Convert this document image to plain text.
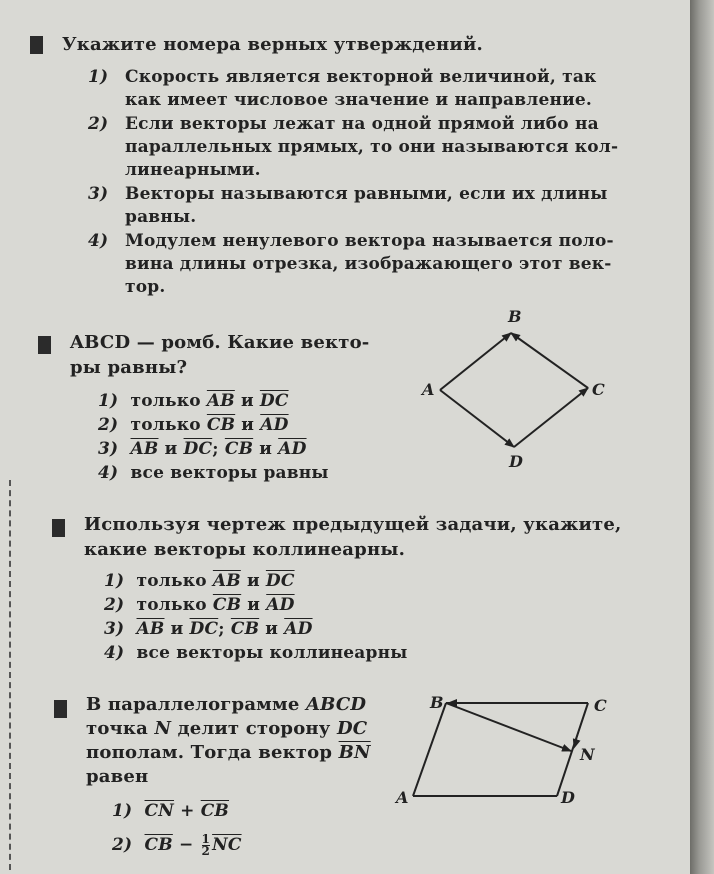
Укажите номера верных утверждений.
1) Скорость является векторной величиной, так
как имеет числовое значение и направление.
2) Если векторы лежат на одной прямой либо на
параллельных прямых, то они называются кол-
линеарными.
3) Векторы называются равными, если их длины
равны.
4) Модулем ненулевого вектора называется поло-
вина длины отрезка, изображающего этот век-
тор.
ABCD — ромб. Какие векто-
ры равны?
1) только $\overline{AB}$ и $\overline{DC}$
2) только $\overline{CB}$ и $\overline{AD}$
3) $\overline{AB}$ и $\overline{DC}$; $\overline{CB}$ и $\overline{AD}$
4) все векторы равны
Используя чертеж предыдущей задачи, укажите,
какие векторы коллинеарны.
1) только $\overline{AB}$ и $\overline{DC}$
2) только $\overline{CB}$ и $\overline{AD}$
3) $\overline{AB}$ и $\overline{DC}$; $\overline{CB}$ и $\overline{AD}$
4) все векторы коллинеарны
В параллелограмме ABCD
точка N делит сторону DC
пополам. Тогда вектор $\overline{BN}$
равен
1) $\overline{CN} + \overline{CB}$
2) $\overline{CB} - \frac{1}{2} \overline{NC}$
B
A	C
D
B	C
N
A	D
